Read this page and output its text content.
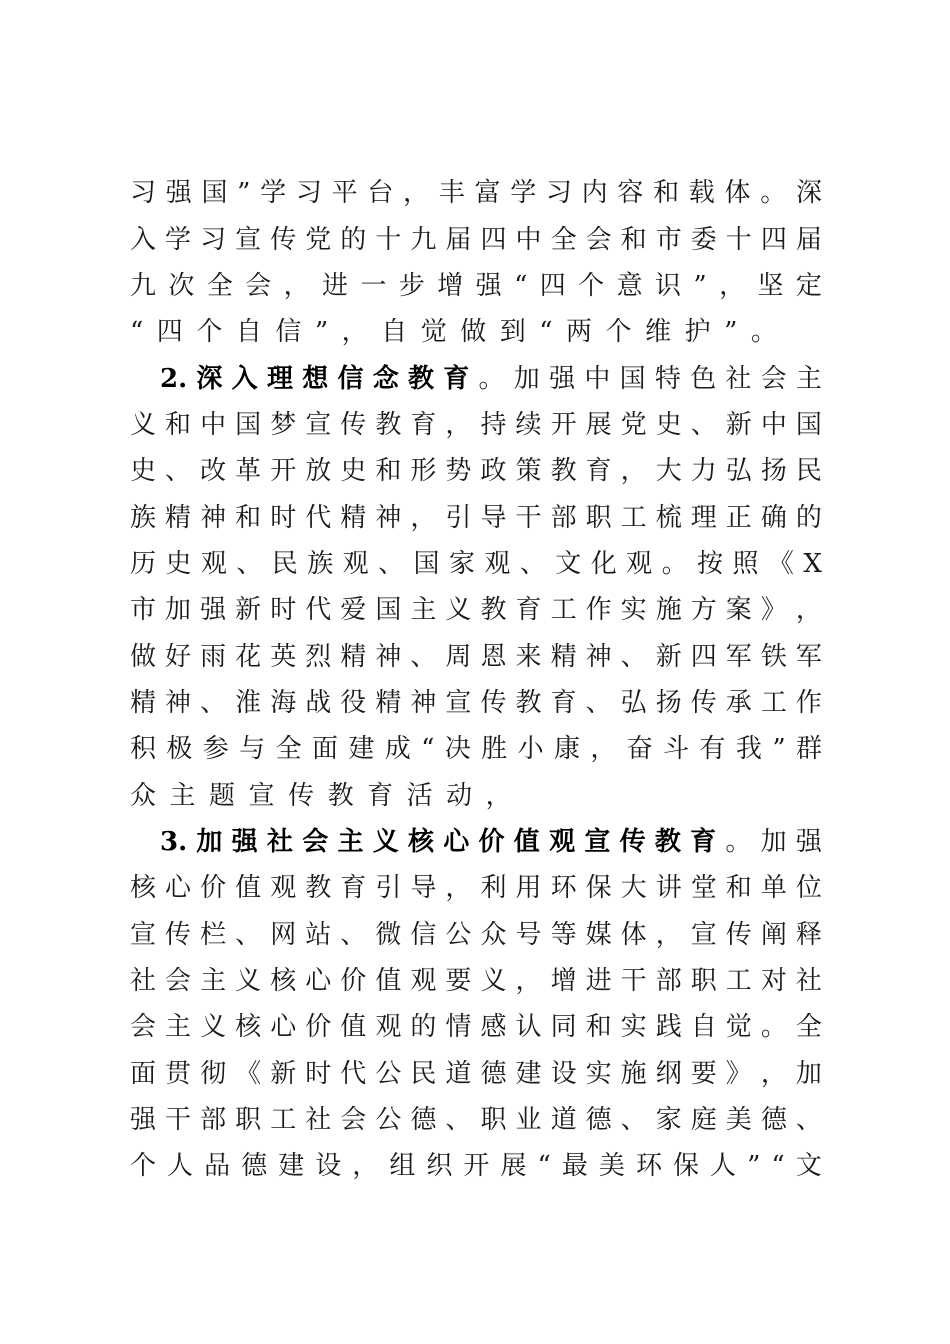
习 强 国 ” 学 习 平 台 ， 丰 富 学 习 内 容 和 载 体 。 深
入 学 习 宣 传 党 的 十 九 届 四 中 全 会 和 市 委 十 四 届
九 次 全 会 ， 进 一 步 增 强 “ 四 个 意 识 ” ， 坚 定
“ 四 个 自 信 ” ， 自 觉 做 到 “ 两 个 维 护 ” 。
2. 深 入 理 想 信 念 教 育 。 加 强 中 国 特 色 社 会 主
义 和 中 国 梦 宣 传 教 育 ， 持 续 开 展 党 史 、 新 中 国
史 、 改 革 开 放 史 和 形 势 政 策 教 育 ， 大 力 弘 扬 民
族 精 神 和 时 代 精 神 ， 引 导 干 部 职 工 梳 理 正 确 的
历 史 观 、 民 族 观 、 国 家 观 、 文 化 观 。 按 照 《 X
市 加 强 新 时 代 爱 国 主 义 教 育 工 作 实 施 方 案 》 ，
做 好 雨 花 英 烈 精 神 、 周 恩 来 精 神 、 新 四 军 铁 军
精 神 、 淮 海 战 役 精 神 宣 传 教 育 、 弘 扬 传 承 工 作
积 极 参 与 全 面 建 成 “ 决 胜 小 康 ， 奋 斗 有 我 ” 群
众 主 题 宣 传 教 育 活 动 ，
3. 加 强 社 会 主 义 核 心 价 值 观 宣 传 教 育 。 加 强
核 心 价 值 观 教 育 引 导 ， 利 用 环 保 大 讲 堂 和 单 位
宣 传 栏 、 网 站 、 微 信 公 众 号 等 媒 体 ， 宣 传 阐 释
社 会 主 义 核 心 价 值 观 要 义 ， 增 进 干 部 职 工 对 社
会 主 义 核 心 价 值 观 的 情 感 认 同 和 实 践 自 觉 。 全
面 贯 彻 《 新 时 代 公 民 道 德 建 设 实 施 纲 要 》 ， 加
强 干 部 职 工 社 会 公 德 、 职 业 道 德 、 家 庭 美 德 、
个 人 品 德 建 设 ， 组 织 开 展 “ 最 美 环 保 人 ” “ 文
